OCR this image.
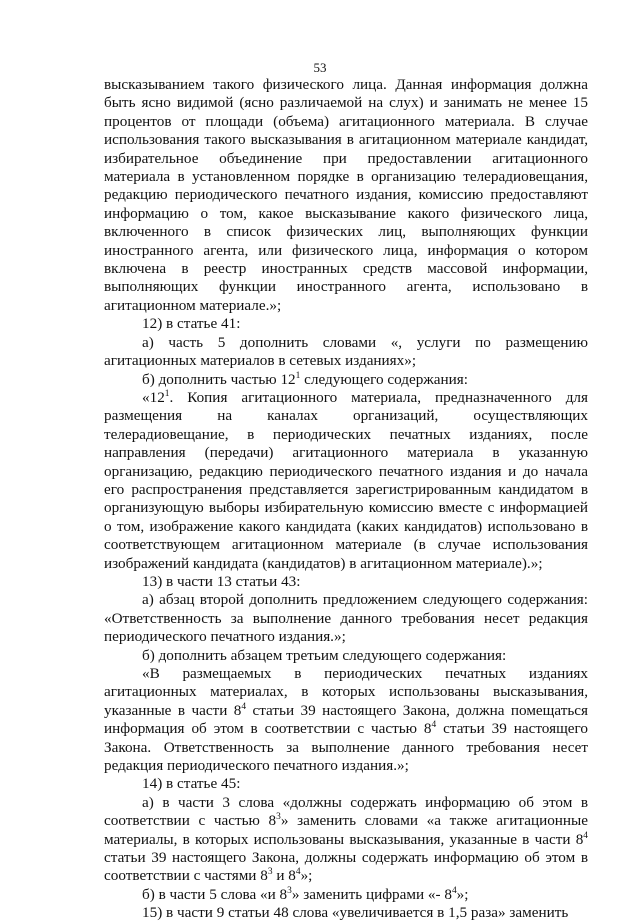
53

высказыванием такого физического лица. Данная информация должна быть ясно видимой (ясно различаемой на слух) и занимать не менее 15 процентов от площади (объема) агитационного материала. В случае использования такого высказывания в агитационном материале кандидат, избирательное объединение при предоставлении агитационного материала в установленном порядке в организацию телерадиовещания, редакцию периодического печатного издания, комиссию предоставляют информацию о том, какое высказывание какого физического лица, включенного в список физических лиц, выполняющих функции иностранного агента, или физического лица, информация о котором включена в реестр иностранных средств массовой информации, выполняющих функции иностранного агента, использовано в агитационном материале.»;

12) в статье 41:

а) часть 5 дополнить словами «, услуги по размещению агитационных материалов в сетевых изданиях»;

б) дополнить частью $12^1$ следующего содержания:

«$12^1$. Копия агитационного материала, предназначенного для размещения на каналах организаций, осуществляющих телерадиовещание, в периодических печатных изданиях, после направления (передачи) агитационного материала в указанную организацию, редакцию периодического печатного издания и до начала его распространения представляется зарегистрированным кандидатом в организующую выборы избирательную комиссию вместе с информацией о том, изображение какого кандидата (каких кандидатов) использовано в соответствующем агитационном материале (в случае использования изображений кандидата (кандидатов) в агитационном материале).»;

13) в части 13 статьи 43:

а) абзац второй дополнить предложением следующего содержания: «Ответственность за выполнение данного требования несет редакция периодического печатного издания.»;

б) дополнить абзацем третьим следующего содержания:

«В размещаемых в периодических печатных изданиях агитационных материалах, в которых использованы высказывания, указанные в части $8^4$ статьи 39 настоящего Закона, должна помещаться информация об этом в соответствии с частью $8^4$ статьи 39 настоящего Закона. Ответственность за выполнение данного требования несет редакция периодического печатного издания.»;

14) в статье 45:

а) в части 3 слова «должны содержать информацию об этом в соответствии с частью $8^3$» заменить словами «а также агитационные материалы, в которых использованы высказывания, указанные в части $8^4$ статьи 39 настоящего Закона, должны содержать информацию об этом в соответствии с частями $8^3$ и $8^4$»;

б) в части 5 слова «и $8^3$» заменить цифрами «- $8^4$»;

15) в части 9 статьи 48 слова «увеличивается в 1,5 раза» заменить
